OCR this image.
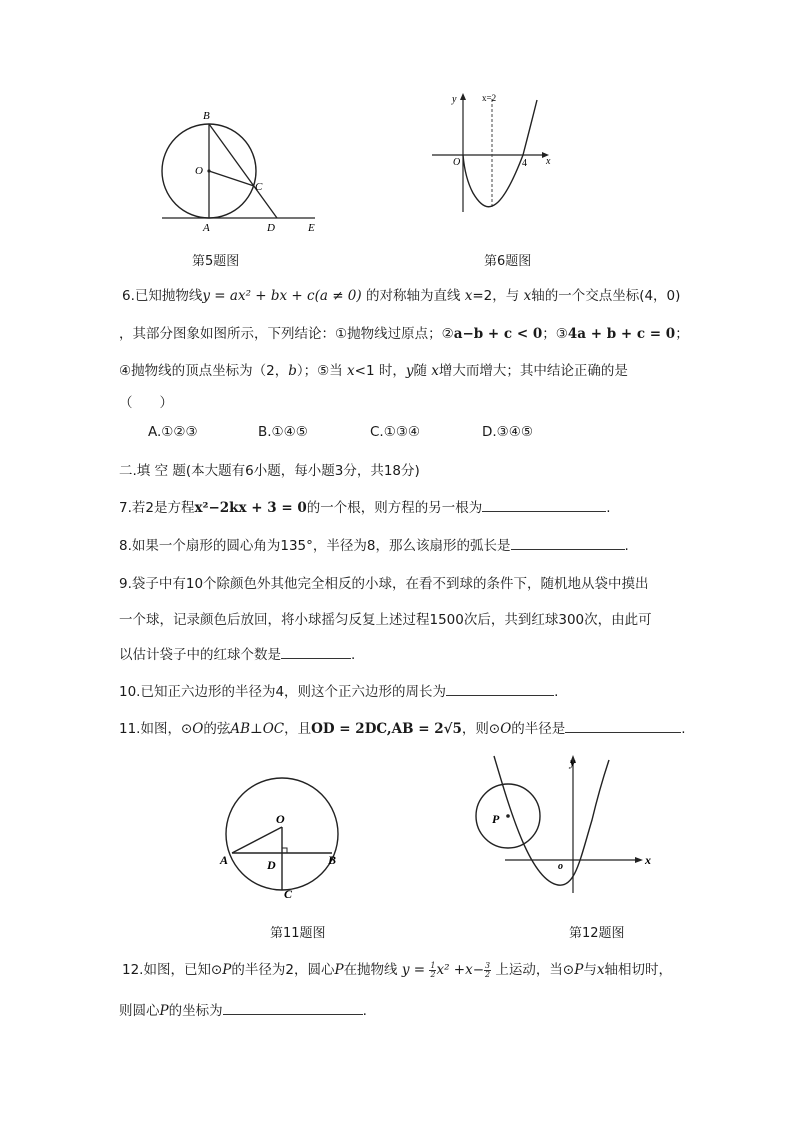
B
O
C
A	D	E
第5题图
y	x=2
O	4 x
第6题图
6.已知抛物线y = ax² + bx + c(a ≠ 0) 的对称轴为直线 x=2，与 x轴的一个交点坐标(4，0)
，其部分图象如图所示，下列结论：①抛物线过原点；②a−b + c < 0；③4a + b + c = 0；
④抛物线的顶点坐标为（2，b）；⑤当 x<1 时，y随 x增大而增大；其中结论正确的是
（　　）
A.①②③	B.①④⑤	C.①③④	D.③④⑤
二.填 空 题(本大题有6小题，每小题3分，共18分)
7.若2是方程x²−2kx + 3 = 0的一个根，则方程的另一根为	.
8.如果一个扇形的圆心角为135°，半径为8，那么该扇形的弧长是	.
9.袋子中有10个除颜色外其他完全相反的小球，在看不到球的条件下，随机地从袋中摸出
一个球，记录颜色后放回，将小球摇匀反复上述过程1500次后，共到红球300次，由此可
以估计袋子中的红球个数是	.
10.已知正六边形的半径为4，则这个正六边形的周长为	.
11.如图，⊙O的弦AB⊥OC，且OD = 2DC,AB = 2√5，则⊙O的半径是	.
O
A	D	B
C
第11题图
y
P
o	x
第12题图
12.如图，已知⊙P的半径为2，圆心P在抛物线 $y = \frac{1}{2} x^2 +x- \frac{3}{2}$ 上运动，当⊙P与x轴相切时，
则圆心P的坐标为	.
